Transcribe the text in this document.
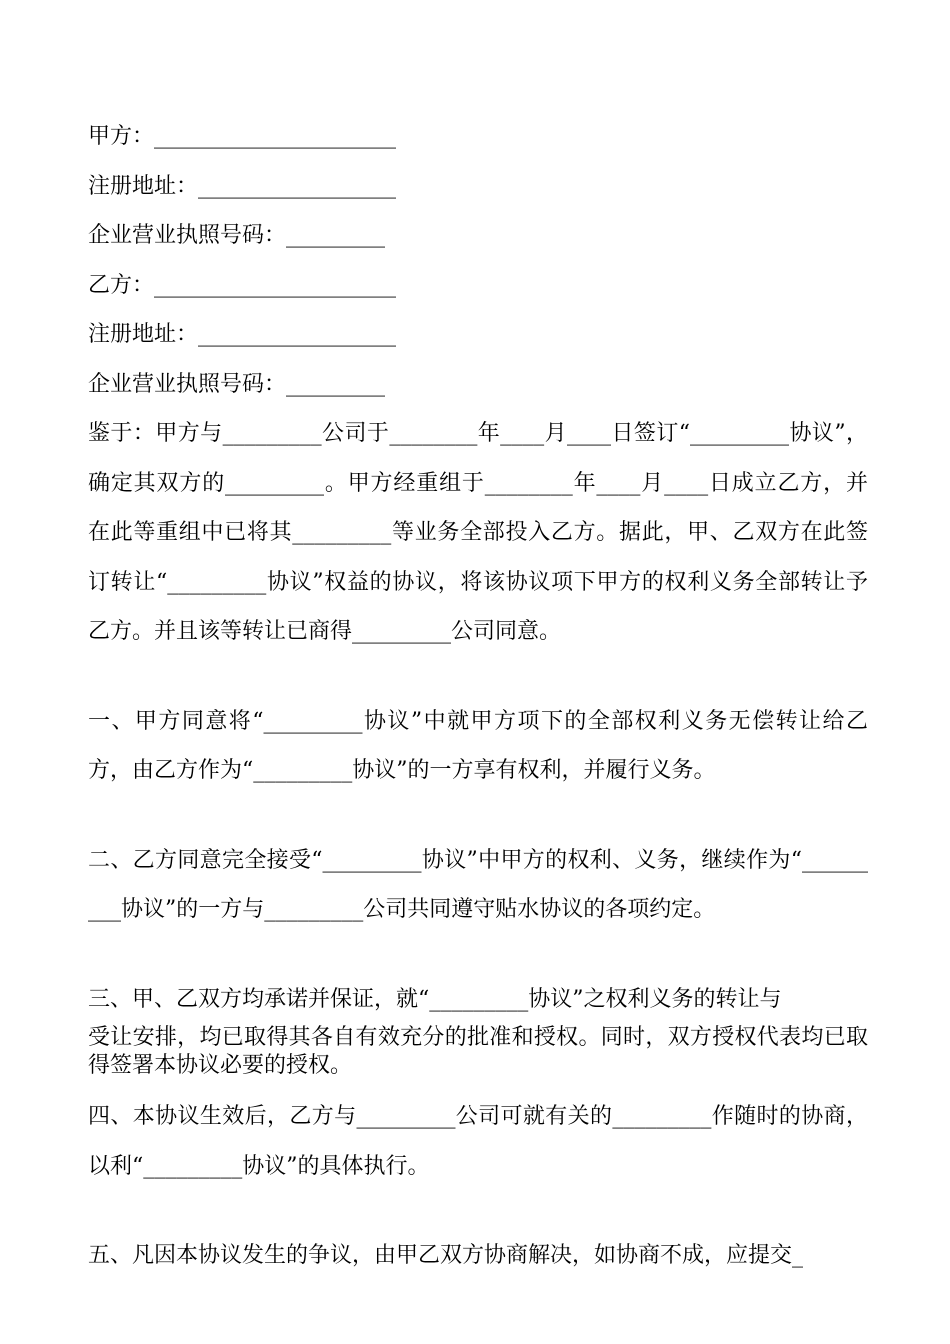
甲方：______________________
注册地址：__________________
企业营业执照号码：_________
乙方：______________________
注册地址：__________________
企业营业执照号码：_________

鉴于：甲方与_________公司于________年____月____日签订“_________协议”，确定其双方的_________。甲方经重组于________年____月____日成立乙方，并在此等重组中已将其_________等业务全部投入乙方。据此，甲、乙双方在此签订转让“_________协议”权益的协议，将该协议项下甲方的权利义务全部转让予乙方。并且该等转让已商得_________公司同意。

一、甲方同意将“_________协议”中就甲方项下的全部权利义务无偿转让给乙方，由乙方作为“_________协议”的一方享有权利，并履行义务。

二、乙方同意完全接受“_________协议”中甲方的权利、义务，继续作为“_________协议”的一方与_________公司共同遵守贴水协议的各项约定。

三、甲、乙双方均承诺并保证，就“_________协议”之权利义务的转让与

受让安排，均已取得其各自有效充分的批准和授权。同时，双方授权代表均已取得签署本协议必要的授权。

四、本协议生效后，乙方与_________公司可就有关的_________作随时的协商，以利“_________协议”的具体执行。

五、凡因本协议发生的争议，由甲乙双方协商解决，如协商不成，应提交_
